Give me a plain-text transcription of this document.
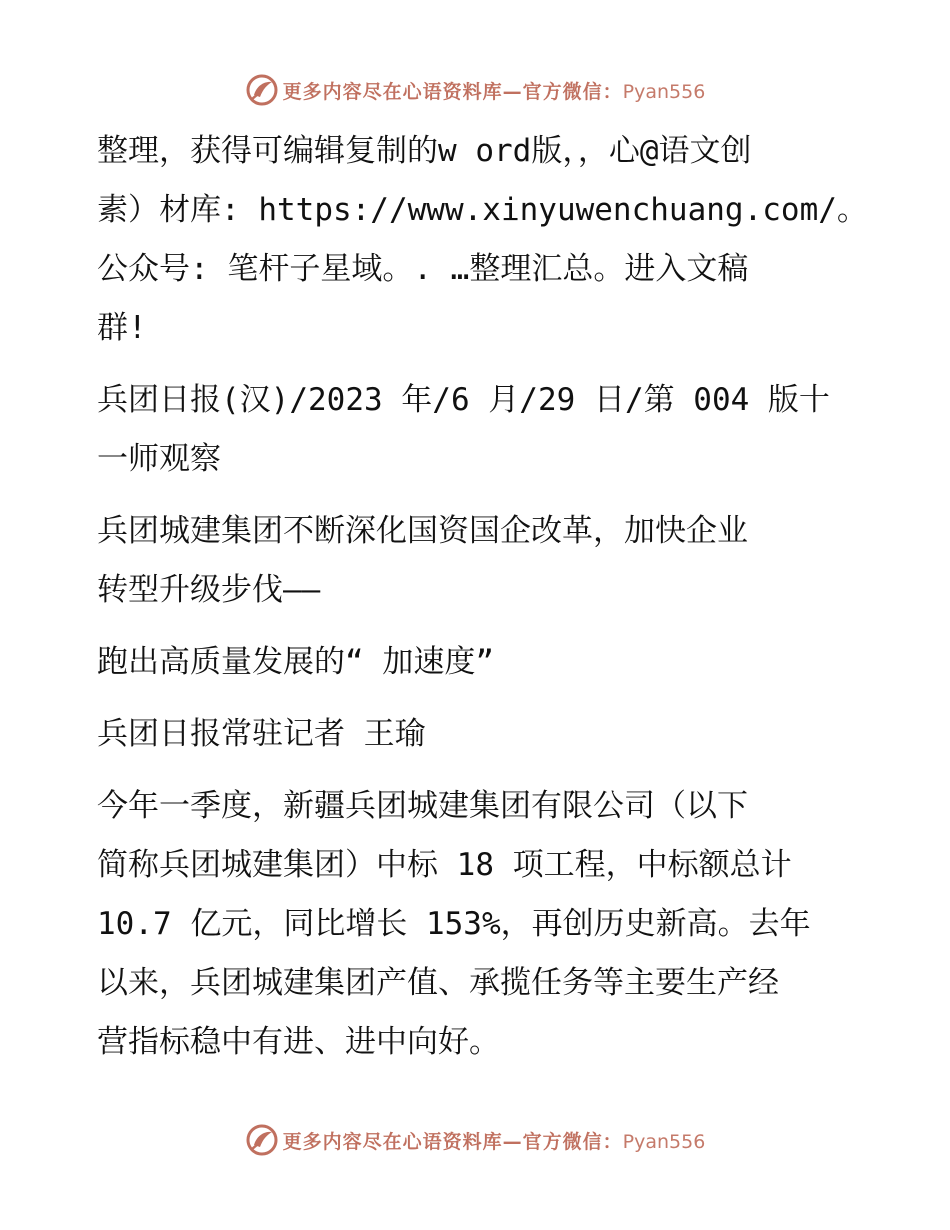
更多内容尽在心语资料库—官方微信：Pyan556
整理，获得可编辑复制的w ord版，，心@语文创
素）材库: https://www.xinyuwenchuang.com/。
公众号: 笔杆子星域。. …整理汇总。进入文稿
群!
兵团日报(汉)/2023 年/6 月/29 日/第 004 版十
一师观察
兵团城建集团不断深化国资国企改革，加快企业
转型升级步伐——
跑出高质量发展的“ 加速度”
兵团日报常驻记者 王瑜
今年一季度，新疆兵团城建集团有限公司（以下
简称兵团城建集团）中标 18 项工程，中标额总计
10.7 亿元，同比增长 153%，再创历史新高。去年
以来，兵团城建集团产值、承揽任务等主要生产经
营指标稳中有进、进中向好。
更多内容尽在心语资料库—官方微信：Pyan556
